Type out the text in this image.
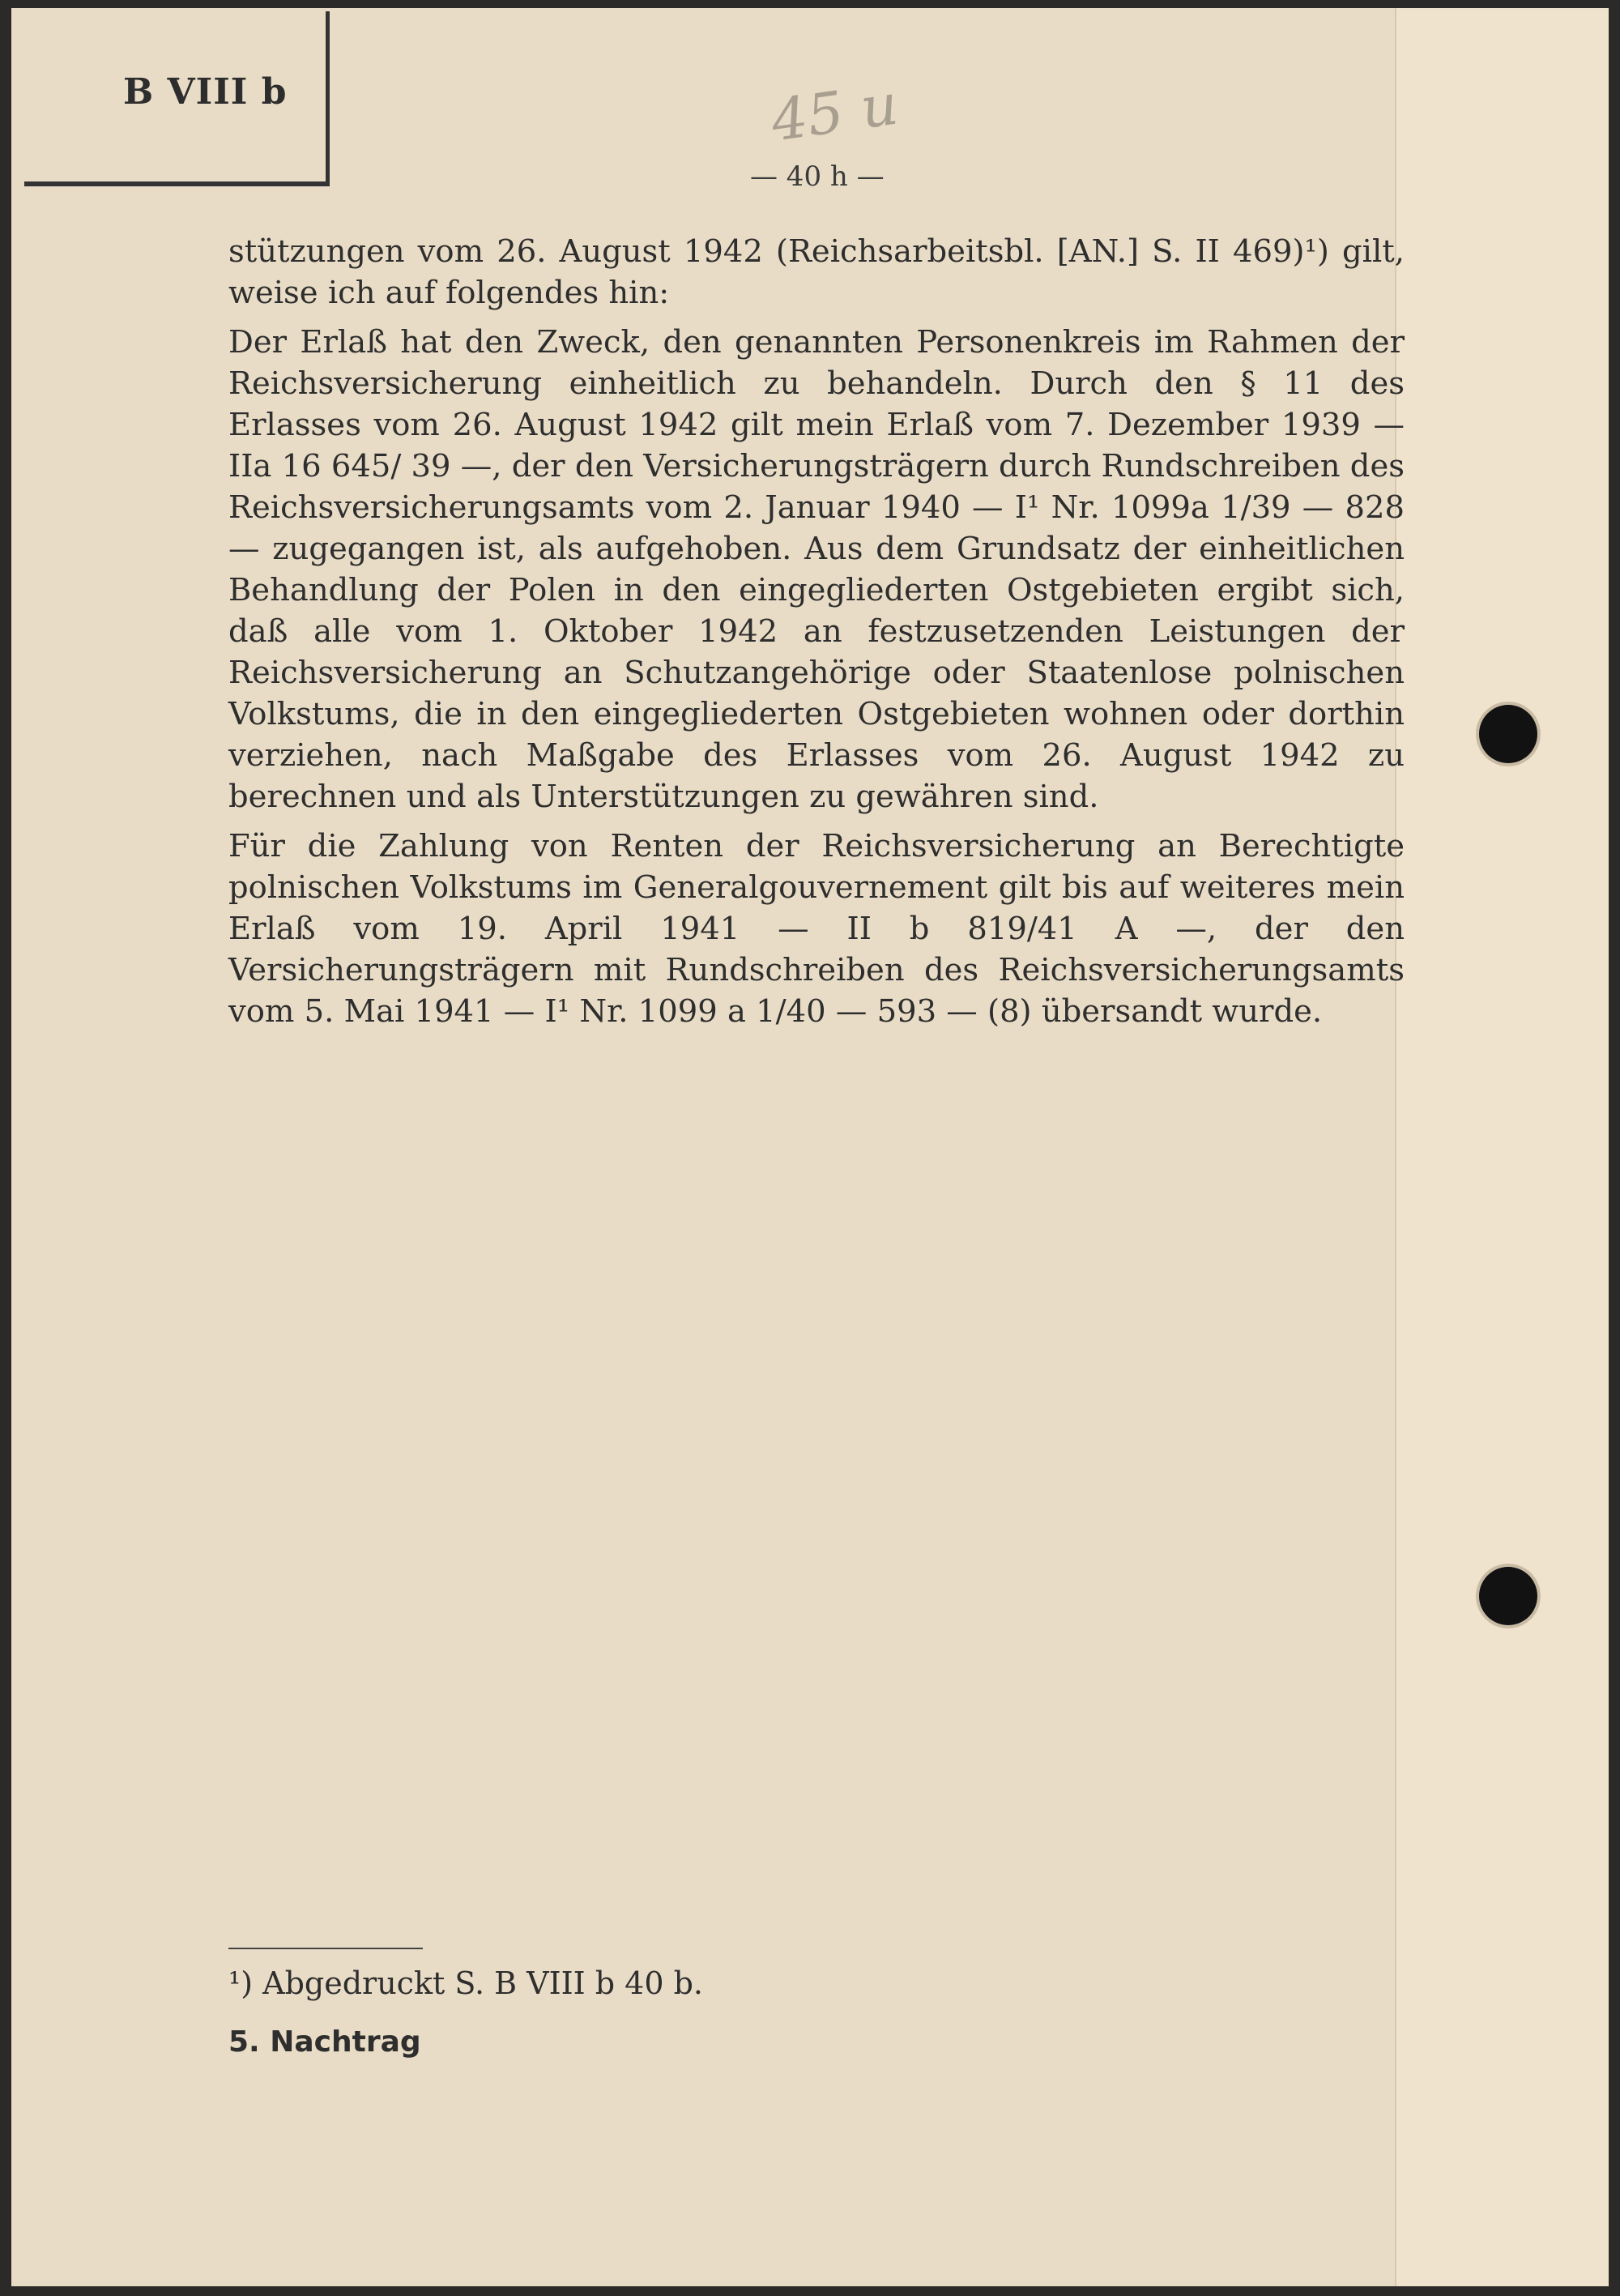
B VIII b	45 u
— 40 h —

stützungen vom 26. August 1942 (Reichsarbeitsbl. [AN.] S. II 469)¹) gilt, weise ich auf folgendes hin:

Der Erlaß hat den Zweck, den genannten Personenkreis im Rahmen der Reichsversicherung einheitlich zu behandeln. Durch den § 11 des Erlasses vom 26. August 1942 gilt mein Erlaß vom 7. Dezember 1939 — IIa 16 645/ 39 —, der den Versicherungsträgern durch Rundschreiben des Reichsversicherungsamts vom 2. Januar 1940 — I¹ Nr. 1099a 1/39 — 828 — zugegangen ist, als aufgehoben. Aus dem Grundsatz der einheitlichen Behandlung der Polen in den eingegliederten Ostgebieten ergibt sich, daß alle vom 1. Oktober 1942 an festzusetzenden Leistungen der Reichsversicherung an Schutzangehörige oder Staatenlose polnischen Volkstums, die in den eingegliederten Ostgebieten wohnen oder dorthin verziehen, nach Maßgabe des Erlasses vom 26. August 1942 zu berechnen und als Unterstützungen zu gewähren sind.

Für die Zahlung von Renten der Reichsversicherung an Berechtigte polnischen Volkstums im Generalgouvernement gilt bis auf weiteres mein Erlaß vom 19. April 1941 — II b 819/41 A —, der den Versicherungsträgern mit Rundschreiben des Reichsversicherungsamts vom 5. Mai 1941 — I¹ Nr. 1099 a 1/40 — 593 — (8) übersandt wurde.

¹) Abgedruckt S. B VIII b 40 b.
5. Nachtrag
